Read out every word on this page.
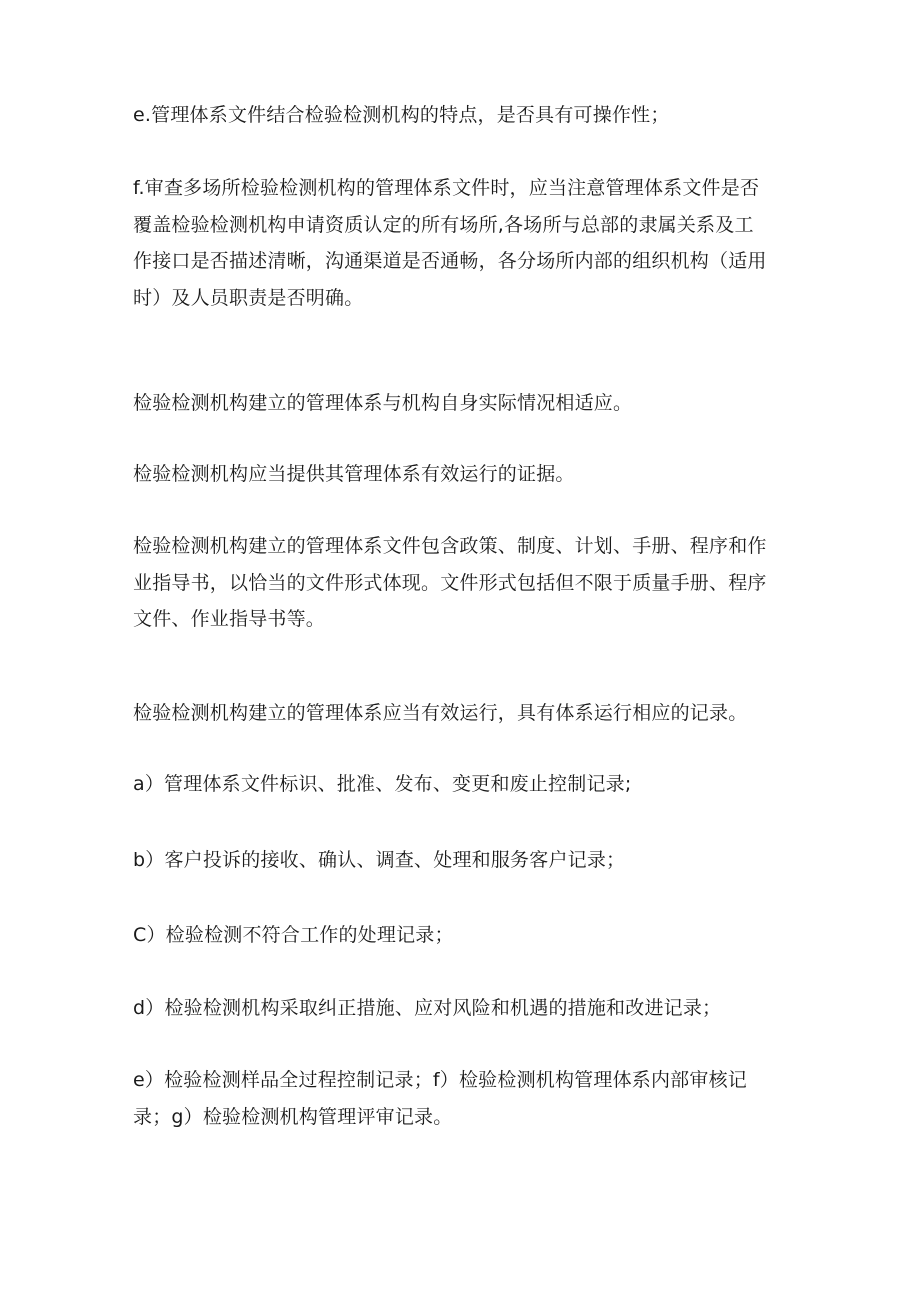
e.管理体系文件结合检验检测机构的特点，是否具有可操作性；

f.审查多场所检验检测机构的管理体系文件时，应当注意管理体系文件是否
覆盖检验检测机构申请资质认定的所有场所,各场所与总部的隶属关系及工
作接口是否描述清晰，沟通渠道是否通畅，各分场所内部的组织机构（适用
时）及人员职责是否明确。

检验检测机构建立的管理体系与机构自身实际情况相适应。

检验检测机构应当提供其管理体系有效运行的证据。

检验检测机构建立的管理体系文件包含政策、制度、计划、手册、程序和作
业指导书，以恰当的文件形式体现。文件形式包括但不限于质量手册、程序
文件、作业指导书等。

检验检测机构建立的管理体系应当有效运行，具有体系运行相应的记录。

a）管理体系文件标识、批准、发布、变更和废止控制记录;

b）客户投诉的接收、确认、调查、处理和服务客户记录；

C）检验检测不符合工作的处理记录；

d）检验检测机构采取纠正措施、应对风险和机遇的措施和改进记录；

e）检验检测样品全过程控制记录；f）检验检测机构管理体系内部审核记
录；g）检验检测机构管理评审记录。
